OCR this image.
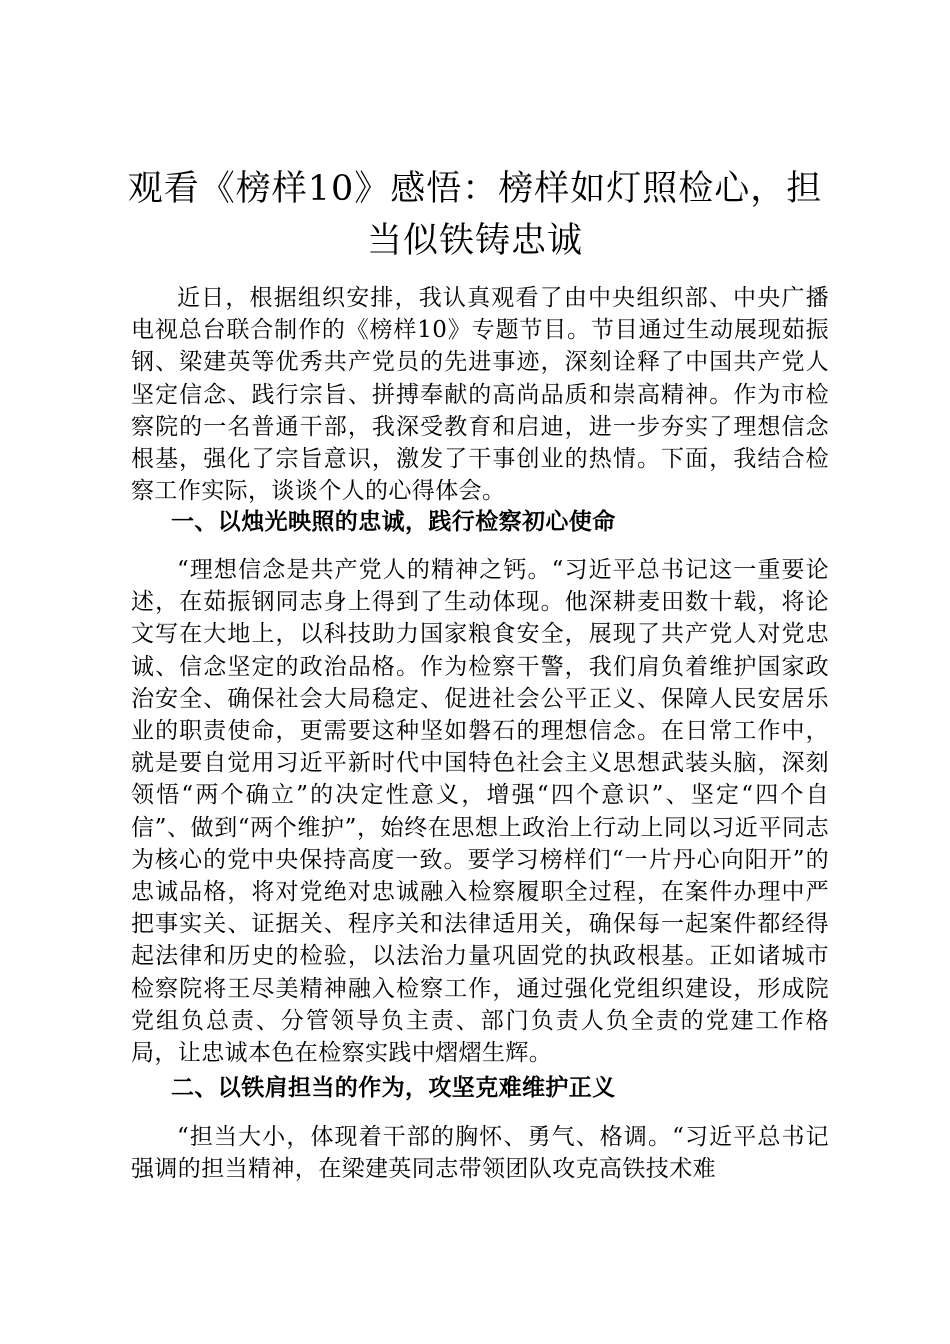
观看《榜样10》感悟：榜样如灯照检心，担当似铁铸忠诚

近日，根据组织安排，我认真观看了由中央组织部、中央广播电视总台联合制作的《榜样10》专题节目。节目通过生动展现茹振钢、梁建英等优秀共产党员的先进事迹，深刻诠释了中国共产党人坚定信念、践行宗旨、拼搏奉献的高尚品质和崇高精神。作为市检察院的一名普通干部，我深受教育和启迪，进一步夯实了理想信念根基，强化了宗旨意识，激发了干事创业的热情。下面，我结合检察工作实际，谈谈个人的心得体会。

一、以烛光映照的忠诚，践行检察初心使命

“理想信念是共产党人的精神之钙。“习近平总书记这一重要论述，在茹振钢同志身上得到了生动体现。他深耕麦田数十载，将论文写在大地上，以科技助力国家粮食安全，展现了共产党人对党忠诚、信念坚定的政治品格。作为检察干警，我们肩负着维护国家政治安全、确保社会大局稳定、促进社会公平正义、保障人民安居乐业的职责使命，更需要这种坚如磐石的理想信念。在日常工作中，就是要自觉用习近平新时代中国特色社会主义思想武装头脑，深刻领悟“两个确立”的决定性意义，增强“四个意识”、坚定“四个自信”、做到“两个维护”，始终在思想上政治上行动上同以习近平同志为核心的党中央保持高度一致。要学习榜样们“一片丹心向阳开”的忠诚品格，将对党绝对忠诚融入检察履职全过程，在案件办理中严把事实关、证据关、程序关和法律适用关，确保每一起案件都经得起法律和历史的检验，以法治力量巩固党的执政根基。正如诸城市检察院将王尽美精神融入检察工作，通过强化党组织建设，形成院党组负总责、分管领导负主责、部门负责人负全责的党建工作格局，让忠诚本色在检察实践中熠熠生辉。

二、以铁肩担当的作为，攻坚克难维护正义

“担当大小，体现着干部的胸怀、勇气、格调。“习近平总书记强调的担当精神，在梁建英同志带领团队攻克高铁技术难
